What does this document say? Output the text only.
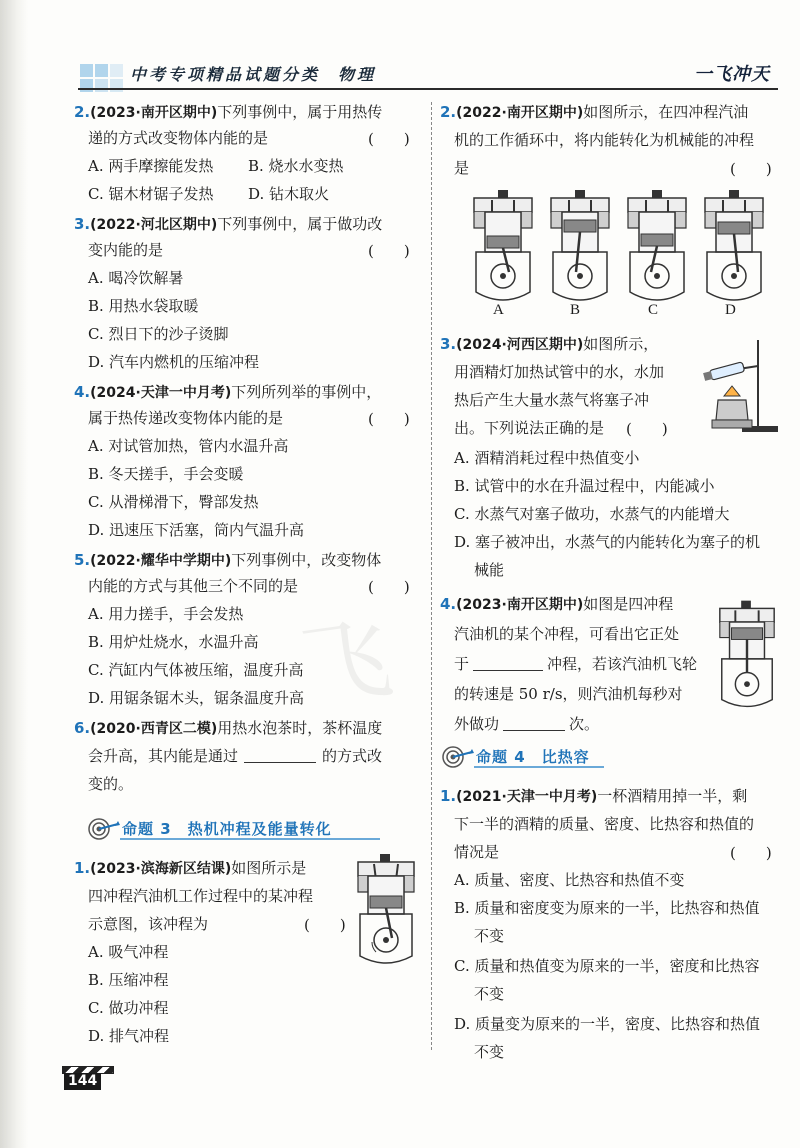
飞
中考专项精品试题分类 物理	一飞冲天
2.(2023·南开区期中)下列事例中，属于用热传
递的方式改变物体内能的是	(　　)
A. 两手摩擦能发热 B. 烧水水变热
C. 锯木材锯子发热 D. 钻木取火
3.(2022·河北区期中)下列事例中，属于做功改
变内能的是	(　　)
A. 喝冷饮解暑
B. 用热水袋取暖
C. 烈日下的沙子烫脚
D. 汽车内燃机的压缩冲程
4.(2024·天津一中月考)下列所列举的事例中，
属于热传递改变物体内能的是	(　　)
A. 对试管加热，管内水温升高
B. 冬天搓手，手会变暖
C. 从滑梯滑下，臀部发热
D. 迅速压下活塞，筒内气温升高
5.(2022·耀华中学期中)下列事例中，改变物体
内能的方式与其他三个不同的是	(　　)
A. 用力搓手，手会发热
B. 用炉灶烧水，水温升高
C. 汽缸内气体被压缩，温度升高
D. 用锯条锯木头，锯条温度升高
6.(2020·西青区二模)用热水泡茶时，茶杯温度
会升高，其内能是通过	的方式改
变的。
命题 3　热机冲程及能量转化
1.(2023·滨海新区结课)如图所示是
四冲程汽油机工作过程中的某冲程
示意图，该冲程为	(　　)
A. 吸气冲程
B. 压缩冲程
C. 做功冲程
D. 排气冲程
2.(2022·南开区期中)如图所示，在四冲程汽油
机的工作循环中，将内能转化为机械能的冲程
是	(　　)
A	B	C	D
3.(2024·河西区期中)如图所示，
用酒精灯加热试管中的水，水加
热后产生大量水蒸气将塞子冲
出。下列说法正确的是 (　　)
A. 酒精消耗过程中热值变小
B. 试管中的水在升温过程中，内能减小
C. 水蒸气对塞子做功，水蒸气的内能增大
D. 塞子被冲出，水蒸气的内能转化为塞子的机
械能
4.(2023·南开区期中)如图是四冲程
汽油机的某个冲程，可看出它正处
于	冲程，若该汽油机飞轮
的转速是 50 r/s，则汽油机每秒对
外做功	次。
命题 4　比热容
1.(2021·天津一中月考)一杯酒精用掉一半，剩
下一半的酒精的质量、密度、比热容和热值的
情况是	(　　)
A. 质量、密度、比热容和热值不变
B. 质量和密度变为原来的一半，比热容和热值
不变
C. 质量和热值变为原来的一半，密度和比热容
不变
D. 质量变为原来的一半，密度、比热容和热值
不变
144
